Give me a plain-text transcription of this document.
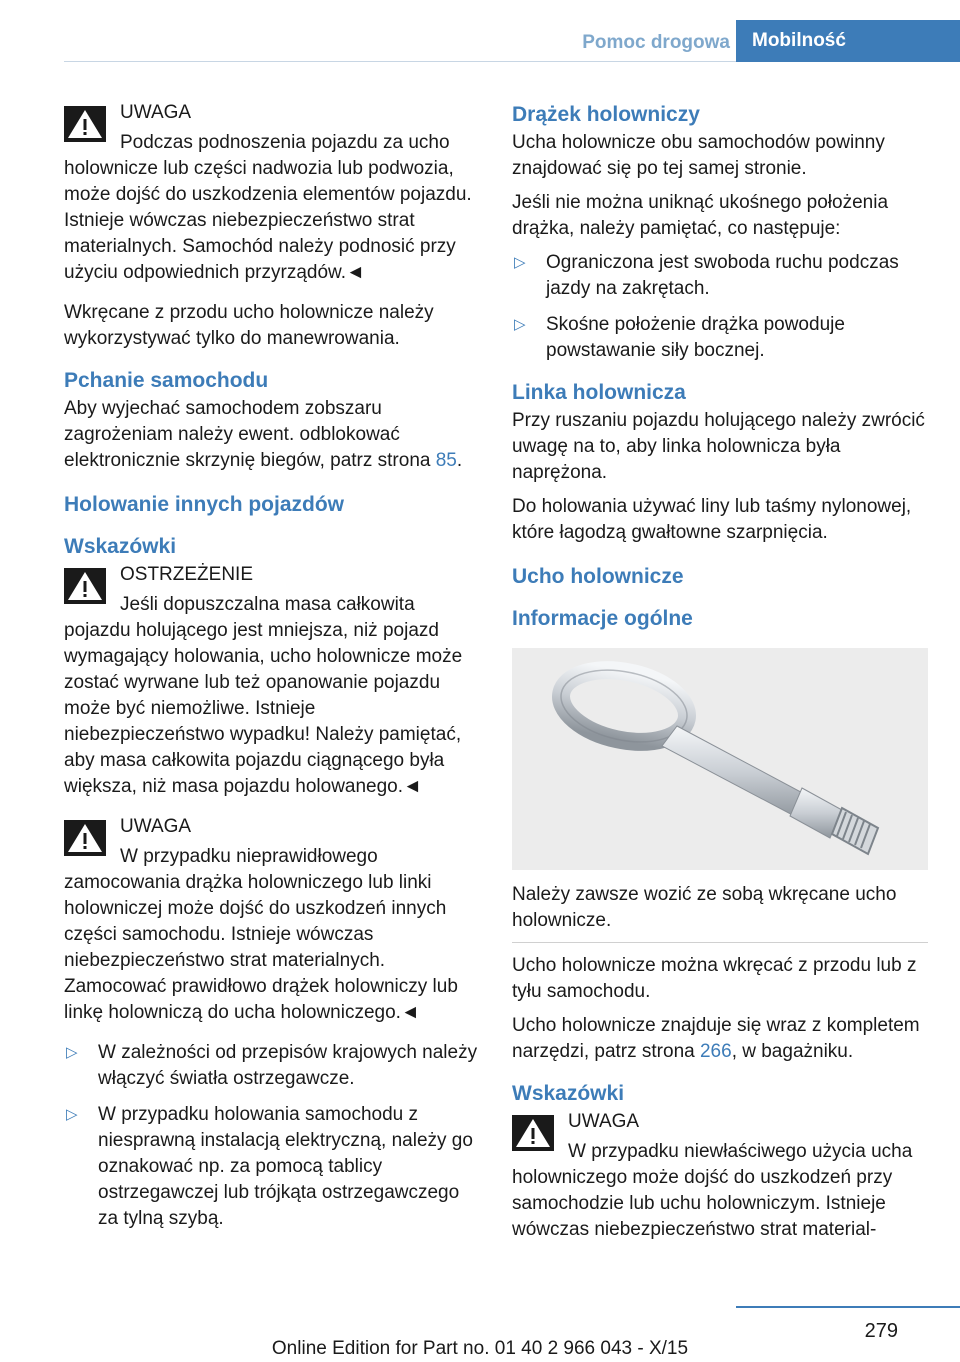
Pomoc drogowa	Mobilność
UWAGA
Podczas podnoszenia pojazdu za ucho holownicze lub części nadwozia lub podwozia, może dojść do uszkodzenia elementów pojazdu. Istnieje wówczas niebezpieczeństwo strat materialnych. Samochód należy podnosić przy użyciu odpowiednich przyrządów.◄

Wkręcane z przodu ucho holownicze należy wykorzystywać tylko do manewrowania.

Pchanie samochodu

Aby wyjechać samochodem zobszaru zagrożeniam należy ewent. odblokować elektronicznie skrzynię biegów, patrz strona 85.

Holowanie innych pojazdów
Wskazówki
OSTRZEŻENIE
Jeśli dopuszczalna masa całkowita pojazdu holującego jest mniejsza, niż pojazd wymagający holowania, ucho holownicze może zostać wyrwane lub też opanowanie pojazdu może być niemożliwe. Istnieje niebezpieczeństwo wypadku! Należy pamiętać, aby masa całkowita pojazdu ciągnącego była większa, niż masa pojazdu holowanego.◄
UWAGA
W przypadku nieprawidłowego zamocowania drążka holowniczego lub linki holowniczej może dojść do uszkodzeń innych części samochodu. Istnieje wówczas niebezpieczeństwo strat materialnych. Zamocować prawidłowo drążek holowniczy lub linkę holowniczą do ucha holowniczego.◄
▷ W zależności od przepisów krajowych należy włączyć światła ostrzegawcze.
▷ W przypadku holowania samochodu z niesprawną instalacją elektryczną, należy go oznakować np. za pomocą tablicy ostrzegawczej lub trójkąta ostrzegawczego za tylną szybą.
Drążek holowniczy

Ucha holownicze obu samochodów powinny znajdować się po tej samej stronie.

Jeśli nie można uniknąć ukośnego położenia drążka, należy pamiętać, co następuje:

▷ Ograniczona jest swoboda ruchu podczas jazdy na zakrętach.
▷ Skośne położenie drążka powoduje powstawanie siły bocznej.
Linka holownicza

Przy ruszaniu pojazdu holującego należy zwrócić uwagę na to, aby linka holownicza była naprężona.

Do holowania używać liny lub taśmy nylonowej, które łagodzą gwałtowne szarpnięcia.

Ucho holownicze
Informacje ogólne

Należy zawsze wozić ze sobą wkręcane ucho holownicze.

Ucho holownicze można wkręcać z przodu lub z tyłu samochodu.

Ucho holownicze znajduje się wraz z kompletem narzędzi, patrz strona 266, w bagażniku.

Wskazówki
UWAGA
W przypadku niewłaściwego użycia ucha holowniczego może dojść do uszkodzeń przy samochodzie lub uchu holowniczym. Istnieje wówczas niebezpieczeństwo strat material-
279
Online Edition for Part no. 01 40 2 966 043 - X/15
